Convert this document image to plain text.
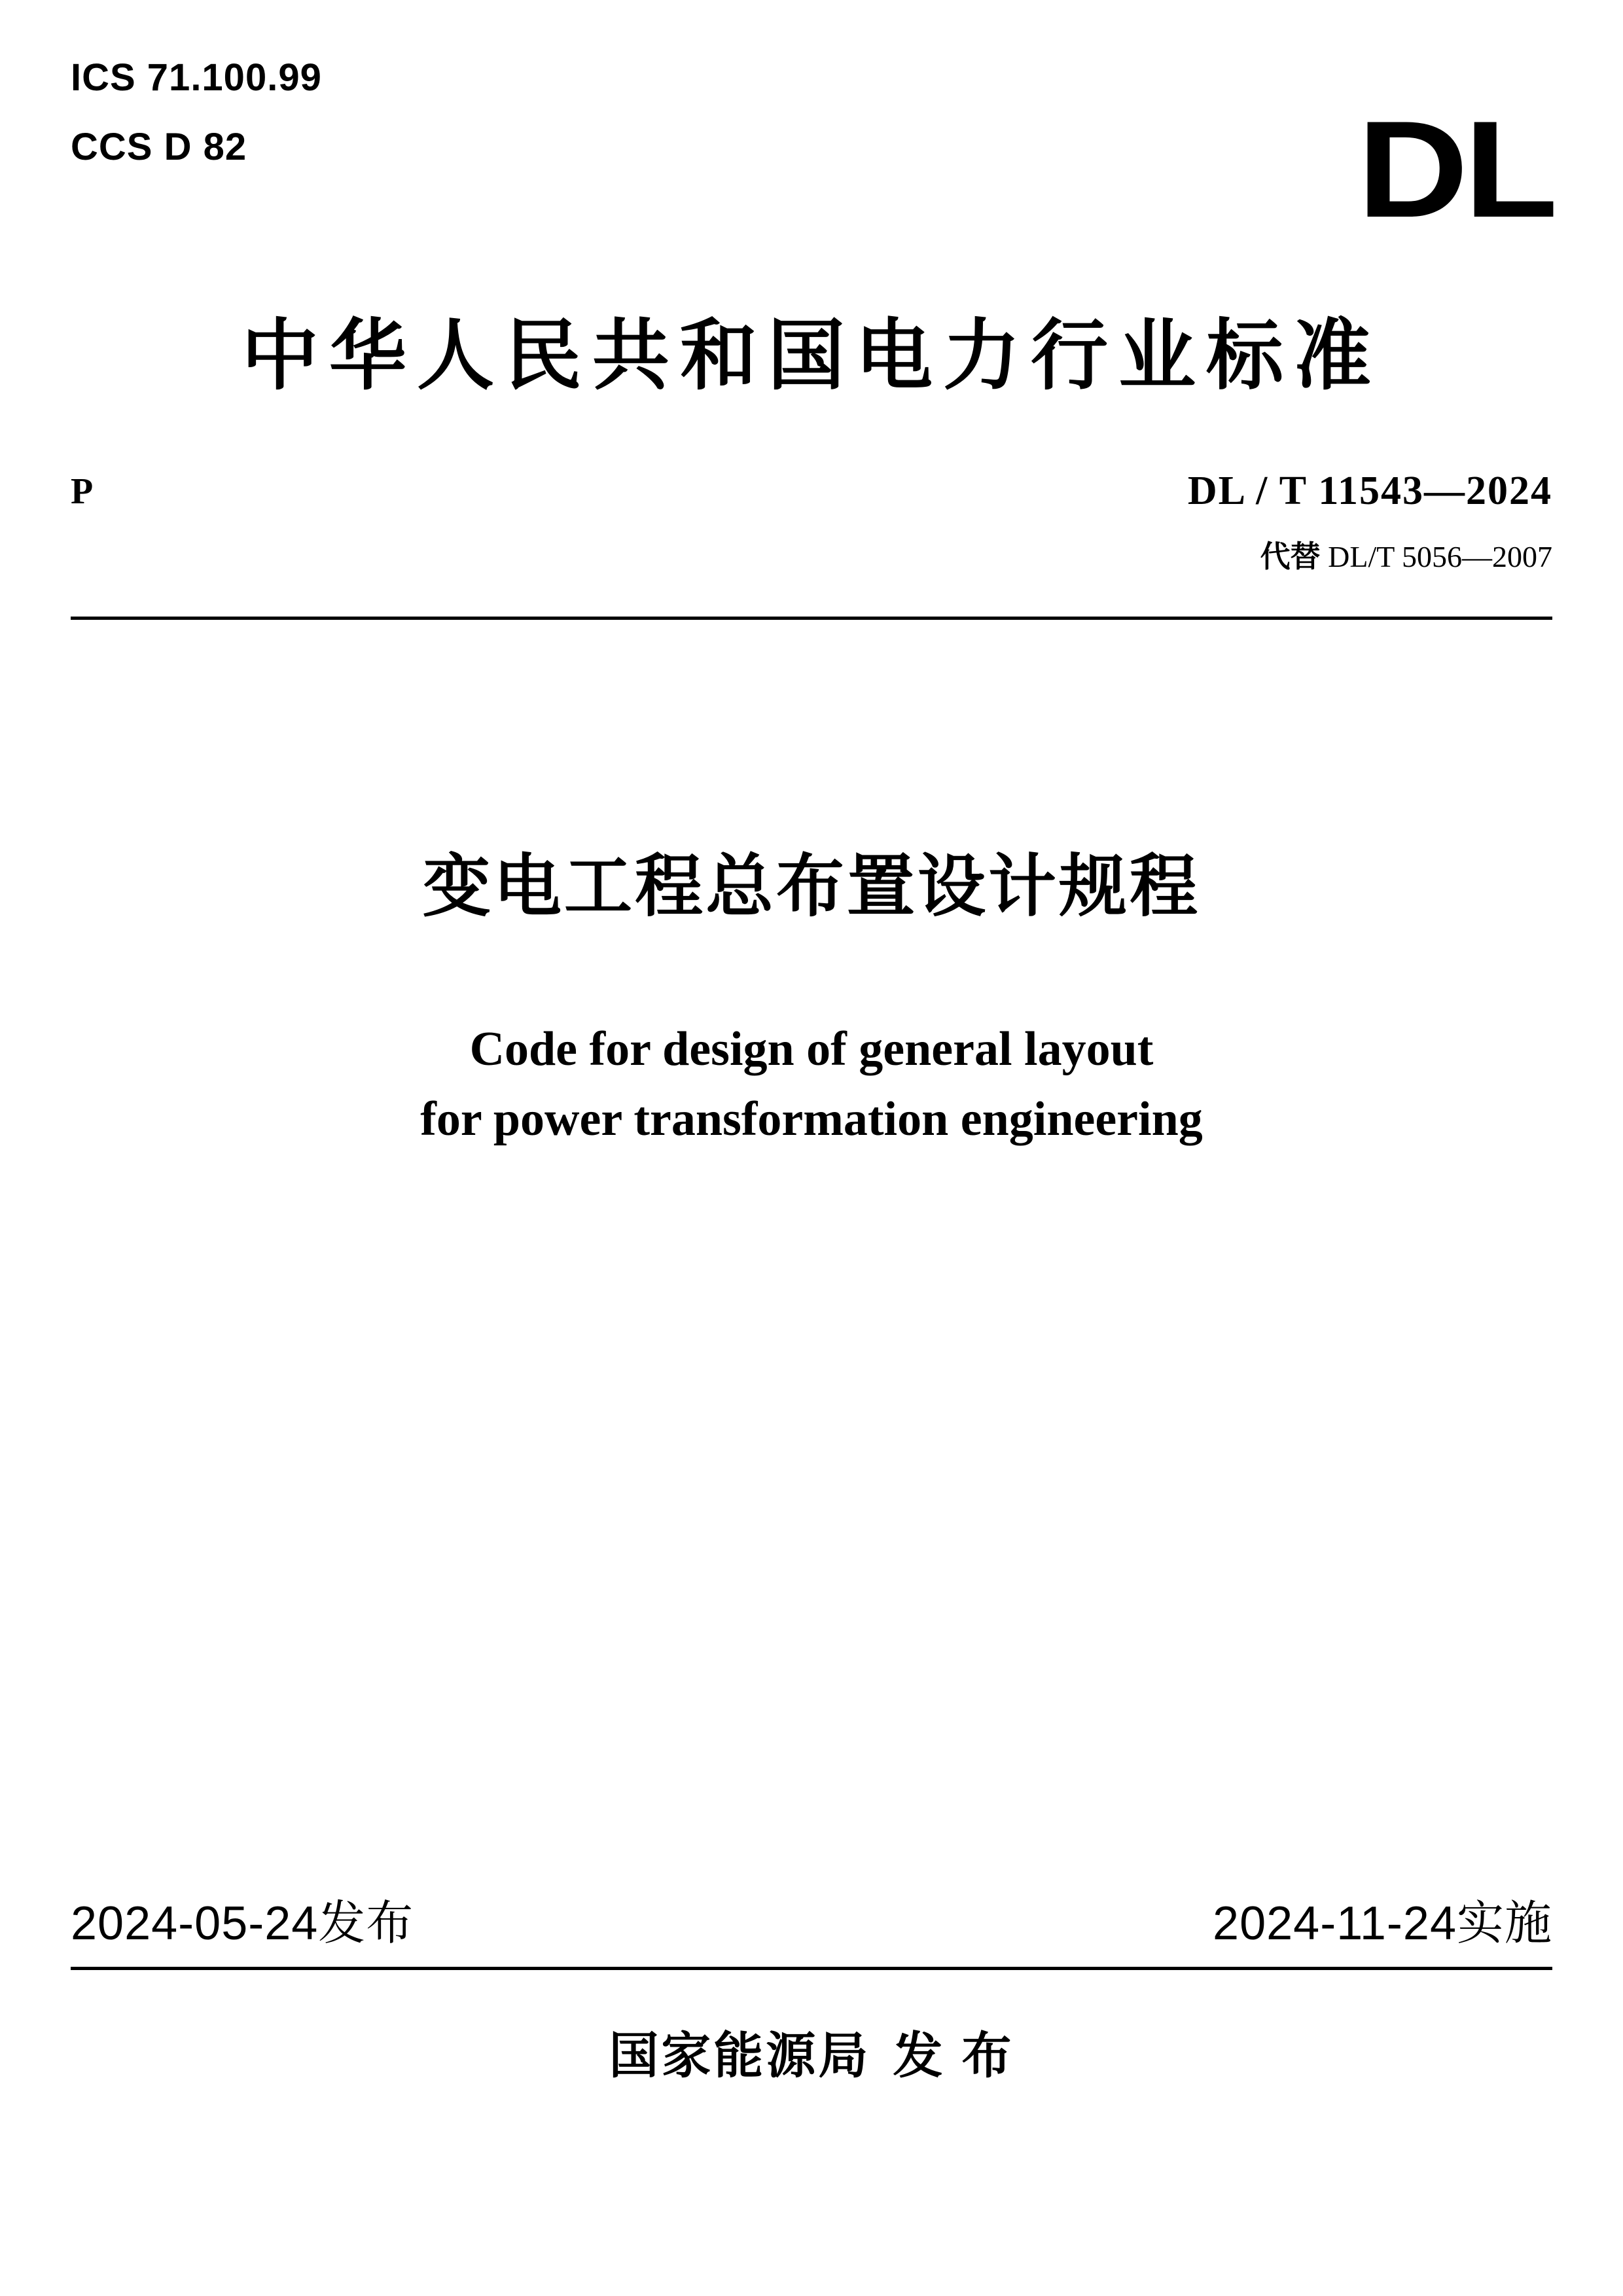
ICS 71.100.99
CCS D 82	DL
中华人民共和国电力行业标准
P	DL / T 11543—2024
代替 DL/T 5056—2007
变电工程总布置设计规程
Code for design of general layout
for power transformation engineering
2024-05-24发布	2024-11-24实施
国家能源局 发 布
